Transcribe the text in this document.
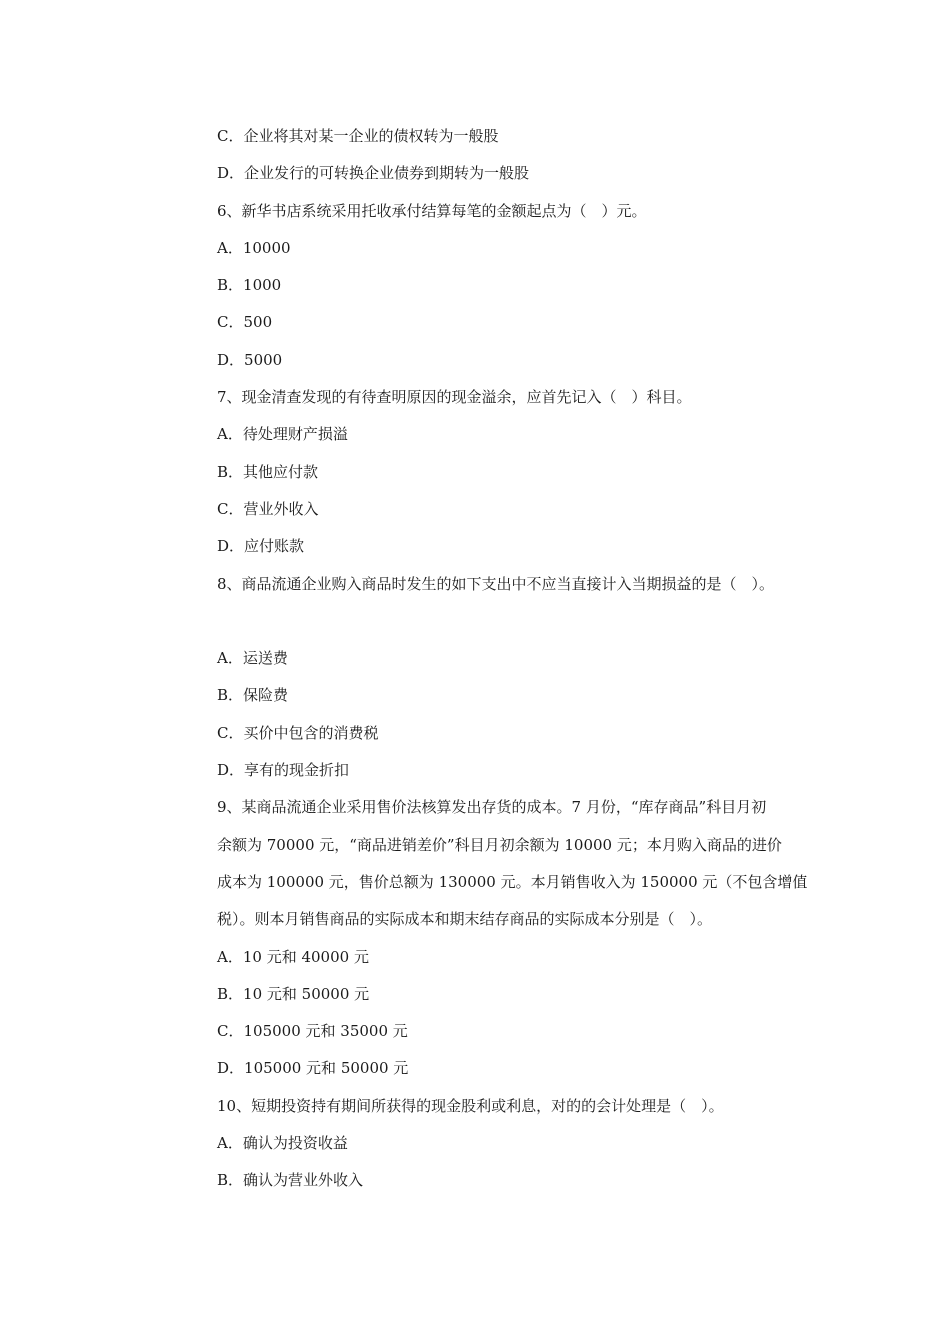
C．企业将其对某一企业的债权转为一般股
D．企业发行的可转换企业债券到期转为一般股
6、新华书店系统采用托收承付结算每笔的金额起点为（　）元。
A．10000
B．1000
C．500
D．5000
7、现金清查发现的有待查明原因的现金溢余，应首先记入（　）科目。
A．待处理财产损溢
B．其他应付款
C．营业外收入
D．应付账款
8、商品流通企业购入商品时发生的如下支出中不应当直接计入当期损益的是（　）。
A．运送费
B．保险费
C．买价中包含的消费税
D．享有的现金折扣
9、某商品流通企业采用售价法核算发出存货的成本。7 月份，“库存商品”科目月初
余额为 70000 元，“商品进销差价”科目月初余额为 10000 元；本月购入商品的进价
成本为 100000 元，售价总额为 130000 元。本月销售收入为 150000 元（不包含增值
税）。则本月销售商品的实际成本和期末结存商品的实际成本分别是（　）。
A．10 元和 40000 元
B．10 元和 50000 元
C．105000 元和 35000 元
D．105000 元和 50000 元
10、短期投资持有期间所获得的现金股利或利息，对的的会计处理是（　）。
A．确认为投资收益
B．确认为营业外收入
